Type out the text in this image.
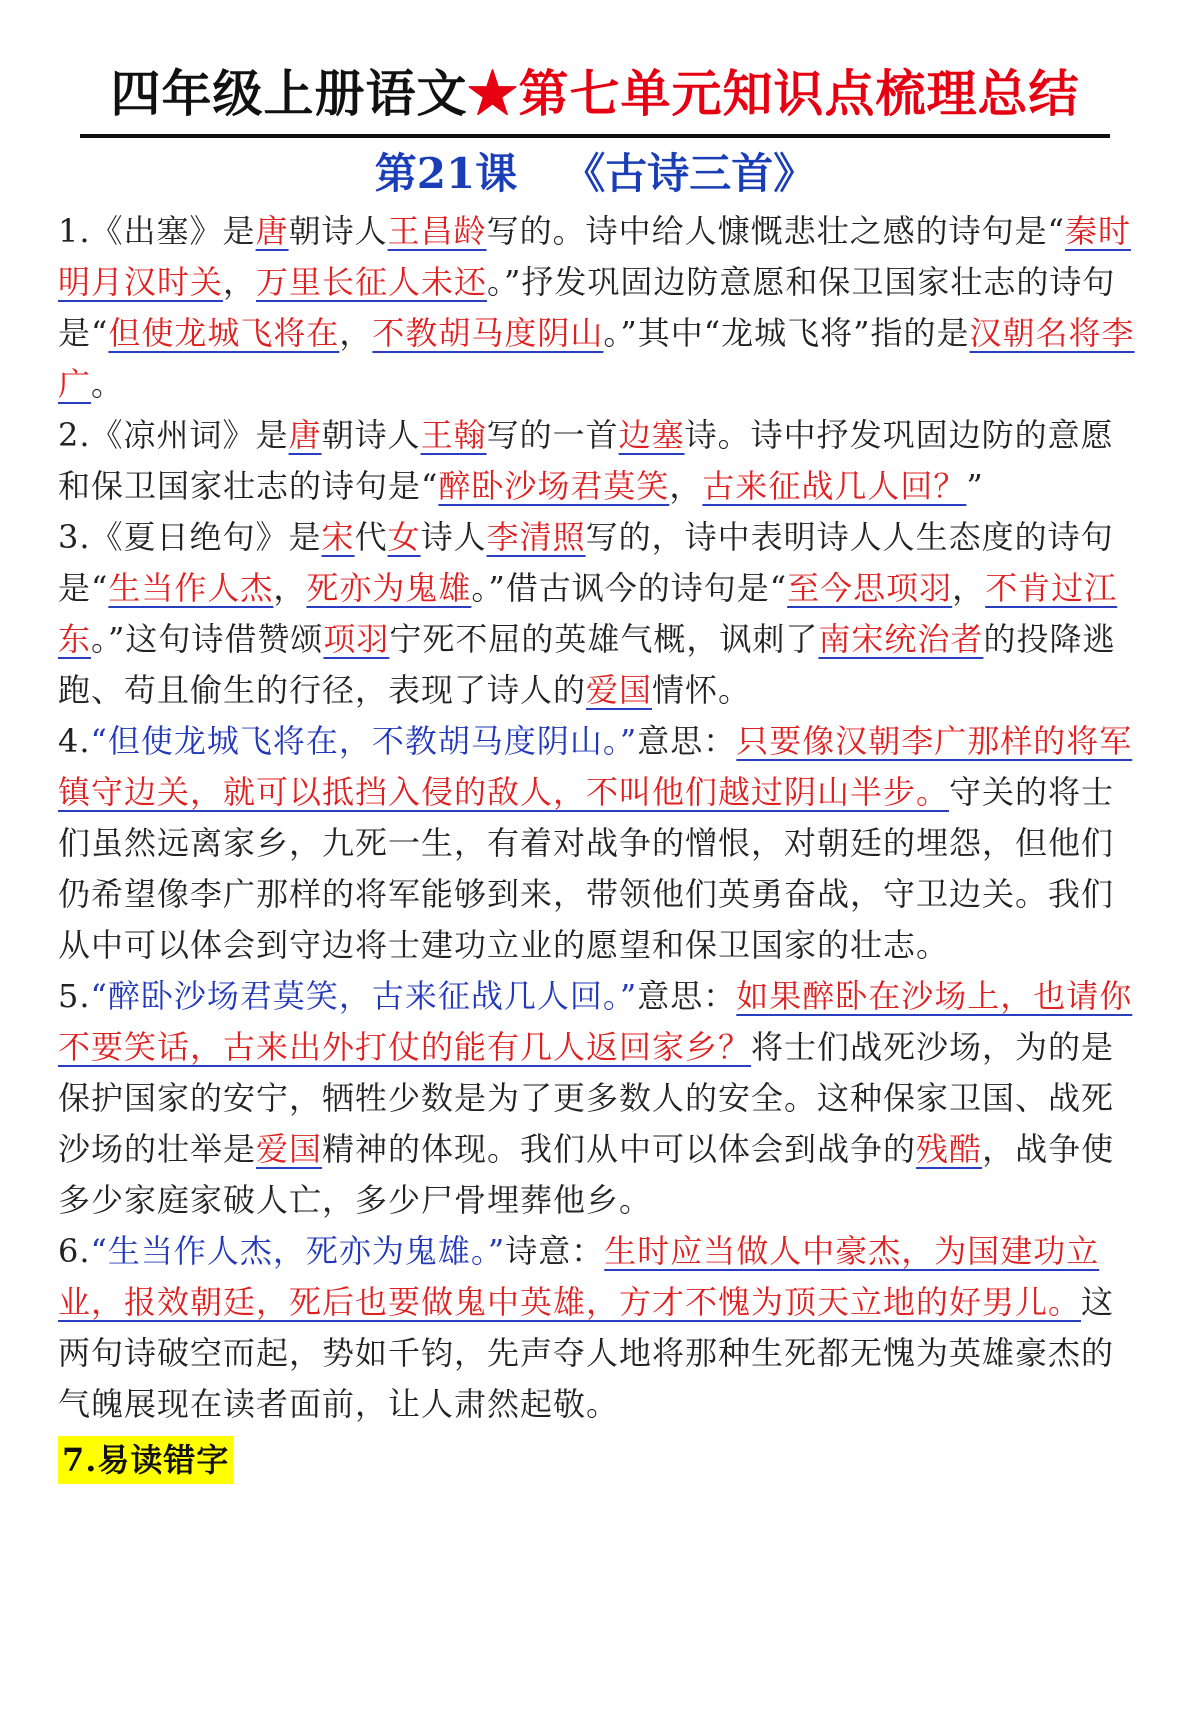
四年级上册语文★第七单元知识点梳理总结
第21课 《古诗三首》

1.《出塞》是唐朝诗人王昌龄写的。诗中给人慷慨悲壮之感的诗句是“秦时明月汉时关，万里长征人未还。”抒发巩固边防意愿和保卫国家壮志的诗句是“但使龙城飞将在，不教胡马度阴山。”其中“龙城飞将”指的是汉朝名将李广。

2.《凉州词》是唐朝诗人王翰写的一首边塞诗。诗中抒发巩固边防的意愿和保卫国家壮志的诗句是“醉卧沙场君莫笑，古来征战几人回？”

3.《夏日绝句》是宋代女诗人李清照写的，诗中表明诗人人生态度的诗句是“生当作人杰，死亦为鬼雄。”借古讽今的诗句是“至今思项羽，不肯过江东。”这句诗借赞颂项羽宁死不屈的英雄气概，讽刺了南宋统治者的投降逃跑、苟且偷生的行径，表现了诗人的爱国情怀。

4.“但使龙城飞将在，不教胡马度阴山。”意思：只要像汉朝李广那样的将军镇守边关，就可以抵挡入侵的敌人，不叫他们越过阴山半步。守关的将士们虽然远离家乡，九死一生，有着对战争的憎恨，对朝廷的埋怨，但他们仍希望像李广那样的将军能够到来，带领他们英勇奋战，守卫边关。我们从中可以体会到守边将士建功立业的愿望和保卫国家的壮志。

5.“醉卧沙场君莫笑，古来征战几人回。”意思：如果醉卧在沙场上，也请你不要笑话，古来出外打仗的能有几人返回家乡？将士们战死沙场，为的是保护国家的安宁，牺牲少数是为了更多数人的安全。这种保家卫国、战死沙场的壮举是爱国精神的体现。我们从中可以体会到战争的残酷，战争使多少家庭家破人亡，多少尸骨埋葬他乡。

6.“生当作人杰，死亦为鬼雄。”诗意：生时应当做人中豪杰，为国建功立业，报效朝廷，死后也要做鬼中英雄，方才不愧为顶天立地的好男儿。这两句诗破空而起，势如千钧，先声夺人地将那种生死都无愧为英雄豪杰的气魄展现在读者面前，让人肃然起敬。

7.易读错字
